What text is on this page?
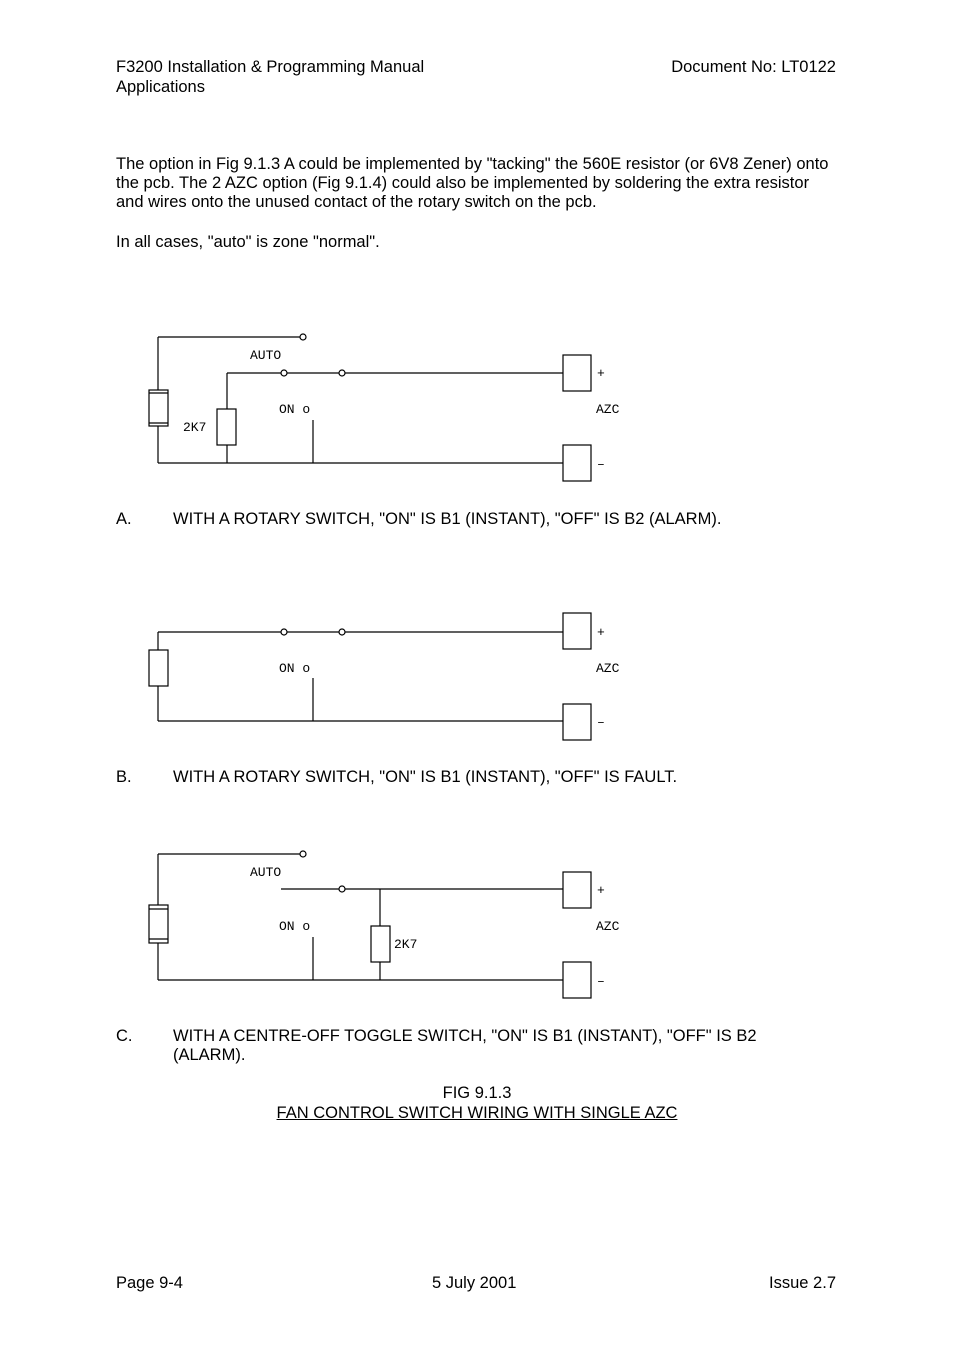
F3200 Installation & Programming Manual	Document No: LT0122
Applications
The option in Fig 9.1.3 A could be implemented by "tacking" the 560E resistor (or 6V8 Zener) onto the pcb. The 2 AZC option (Fig 9.1.4) could also be implemented by soldering the extra resistor and wires onto the unused contact of the rotary switch on the pcb.
In all cases, "auto" is zone "normal".
AUTO
ON o
2K7
AZC
+
–
A.	WITH A ROTARY SWITCH, "ON" IS B1 (INSTANT), "OFF" IS B2 (ALARM).
ON o	AZC
+
–
B.	WITH A ROTARY SWITCH, "ON" IS B1 (INSTANT), "OFF" IS FAULT.
AUTO
ON o
2K7
AZC
+
–
C. WITH A CENTRE-OFF TOGGLE SWITCH, "ON" IS B1 (INSTANT), "OFF" IS B2 (ALARM).
FIG 9.1.3
FAN CONTROL SWITCH WIRING WITH SINGLE AZC
Page 9-4	5 July 2001	Issue 2.7
